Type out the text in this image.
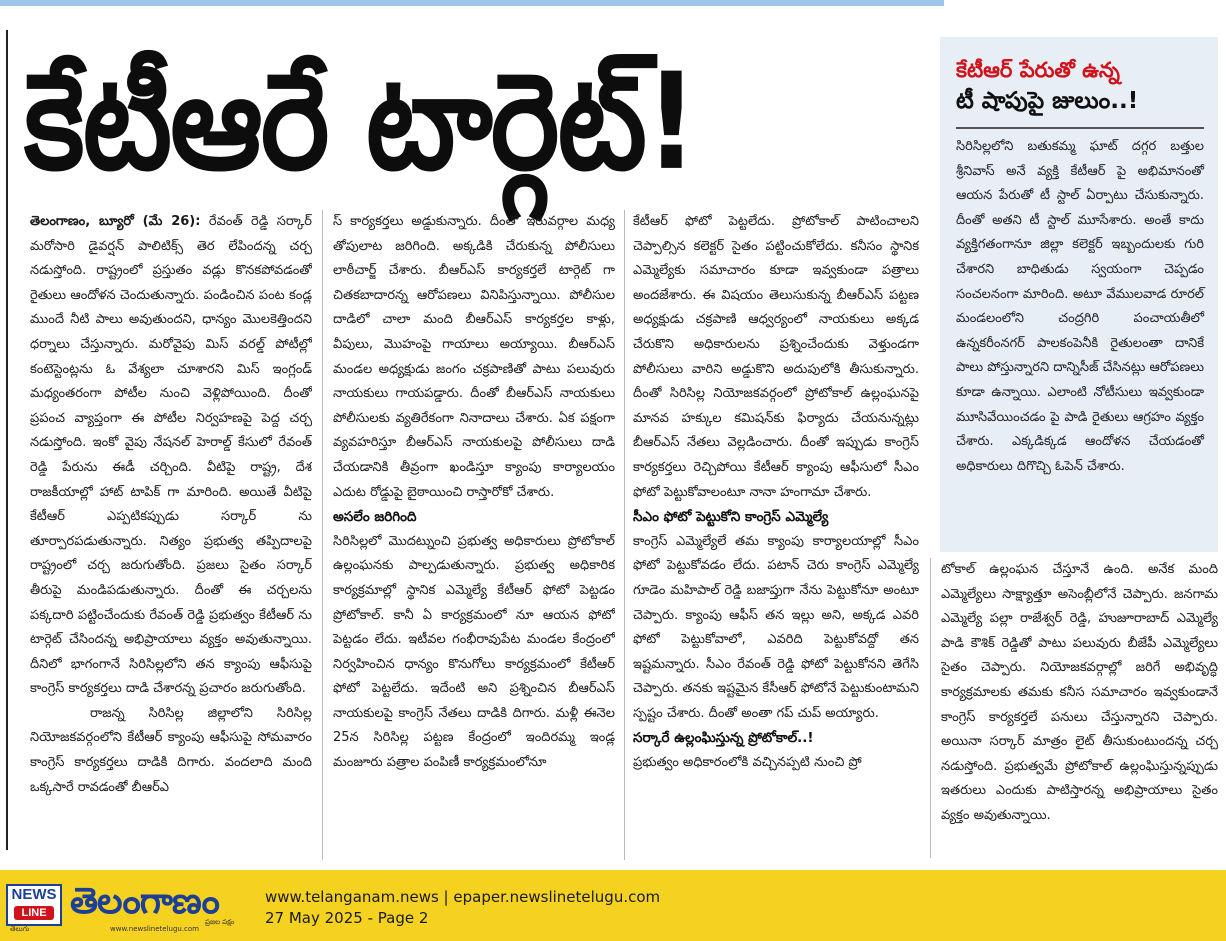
కేటీఆరే టార్గెట్‌!	కేటీఆర్ పేరుతో ఉన్న
టీ షాపుపై జులుం..!
సిరిసిల్లలోని బతుకమ్మ ఘాట్ దగ్గర బత్తుల శ్రీనివాస్ అనే వ్యక్తి కేటీఆర్ పై అభిమానంతో ఆయన పేరుతో టీ స్టాల్ ఏర్పాటు చేసుకున్నారు. దీంతో అతని టీ స్టాల్ మూసేశారు. అంతే కాదు వ్యక్తిగతంగానూ జిల్లా కలెక్టర్ ఇబ్బందులకు గురి చేశారని బాధితుడు స్వయంగా చెప్పడం సంచలనంగా మారింది. అటూ వేములవాడ రూరల్ మండలంలోని చంద్రగిరి పంచాయతీలో ఉన్నకరీంనగర్ పాలకంపెనీకి రైతులంతా దానికే పాలు పోస్తున్నారని దాన్నిసీజ్ చేసినట్లు ఆరోపణలు కూడా ఉన్నాయి. ఎలాంటి నోటీసులు ఇవ్వకుండా మూసివేయించడం పై పాడి రైతులు ఆగ్రహం వ్యక్తం చేశారు. ఎక్కడిక్కడ ఆందోళన చేయడంతో అధికారులు దిగొచ్చి ఓపెన్ చేశారు.
తెలంగాణం, బ్యూరో (మే 26): రేవంత్ రెడ్డి సర్కార్ మరోసారి డైవర్షన్ పాలిటిక్స్ తెర లేపిందన్న చర్చ నడుస్తోంది. రాష్ట్రంలో ప్రస్తుతం వడ్లు కొనకపోవడంతో రైతులు ఆందోళన చెందుతున్నారు. పండించిన పంట కండ్ల ముందే నీటి పాలు అవుతుందని, ధాన్యం మొలకెత్తిందని ధర్నాలు చేస్తున్నారు. మరోవైపు మిస్ వరల్డ్ పోటీల్లో కంటెస్టెంట్లను ఓ వేశ్యలా చూశారని మిస్ ఇంగ్లండ్ మధ్యంతరంగా పోటీల నుంచి వెళ్లిపోయింది. దీంతో ప్రపంచ వ్యాప్తంగా ఈ పోటీల నిర్వహణపై పెద్ద చర్చ నడుస్తోంది. ఇంకో వైపు నేషనల్ హెరాల్డ్ కేసులో రేవంత్ రెడ్డి పేరును ఈడీ చర్చింది. వీటిపై రాష్ట్ర, దేశ రాజకీయాల్లో హాట్ టాపిక్ గా మారింది. అయితే వీటిపై కేటీఆర్ ఎప్పటికప్పుడు సర్కార్ ను తూర్పారపడుతున్నారు. నిత్యం ప్రభుత్వ తప్పిదాలపై రాష్ట్రంలో చర్చ జరుగుతోంది. ప్రజలు సైతం సర్కార్ తీరుపై మండిపడుతున్నారు. దీంతో ఈ చర్చలను పక్కదారి పట్టించేందుకు రేవంత్ రెడ్డి ప్రభుత్వం కేటీఆర్ ను టార్గెట్ చేసిందన్న అభిప్రాయాలు వ్యక్తం అవుతున్నాయి. దీనిలో భాగంగానే సిరిసిల్లలోని తన క్యాంపు ఆఫీసుపై కాంగ్రెస్ కార్యకర్తలు దాడి చేశారన్న ప్రచారం జరుగుతోంది.
రాజన్న సిరిసిల్ల జిల్లాలోని సిరిసిల్ల నియోజకవర్గంలోని కేటీఆర్ క్యాంపు ఆఫీసుపై సోమవారం కాంగ్రెస్ కార్యకర్తలు దాడికి దిగారు. వందలాది మంది ఒక్కసారే రావడంతో బీఆర్ఎ
స్ కార్యకర్తలు అడ్డుకున్నారు. దీంతో ఇరువర్గాల మధ్య తోపులాట జరిగింది. అక్కడికి చేరుకున్న పోలీసులు లాఠీచార్జ్ చేశారు. బీఆర్ఎస్ కార్యకర్తలే టార్గెట్ గా చితకబాదారన్న ఆరోపణలు వినిపిస్తున్నాయి. పోలీసుల దాడిలో చాలా మంది బీఆర్ఎస్ కార్యకర్తల కాళ్లు, వీపులు, మొహంపై గాయాలు అయ్యాయి. బీఆర్ఎస్ మండల అధ్యక్షుడు జంగం చక్రపాణితో పాటు పలువురు నాయకులు గాయపడ్డారు. దీంతో బీఆర్ఎస్ నాయకులు పోలీసులకు వ్యతిరేకంగా నినాదాలు చేశారు. ఏక పక్షంగా వ్యవహరిస్తూ బీఆర్ఎస్ నాయకులపై పోలీసులు దాడి చేయడానికి తీవ్రంగా ఖండిస్తూ క్యాంపు కార్యాలయం ఎదుట రోడ్డుపై బైఠాయించి రాస్తారోకో చేశారు.
అసలేం జరిగింది
సిరిసిల్లలో మొదట్నుంచి ప్రభుత్వ అధికారులు ప్రోటోకాల్ ఉల్లంఘనకు పాల్పడుతున్నారు. ప్రభుత్వ అధికారిక కార్యక్రమాల్లో స్థానిక ఎమ్మెల్యే కేటీఆర్ ఫోటో పెట్టడం ప్రోటోకాల్. కానీ ఏ కార్యక్రమంలో నూ ఆయన ఫోటో పెట్టడం లేదు. ఇటీవల గంభీరావుపేట మండల కేంద్రంలో నిర్వహించిన ధాన్యం కొనుగోలు కార్యక్రమంలో కేటీఆర్ ఫోటో పెట్టలేదు. ఇదేంటి అని ప్రశ్నించిన బీఆర్ఎస్ నాయకులపై కాంగ్రెస్ నేతలు దాడికి దిగారు. మళ్లీ ఈనెల 25న సిరిసిల్ల పట్టణ కేంద్రంలో ఇందిరమ్మ ఇండ్ల మంజూరు పత్రాల పంపిణీ కార్యక్రమంలోనూ
కేటీఆర్ ఫోటో పెట్టలేదు. ప్రోటోకాల్ పాటించాలని చెప్పాల్సిన కలెక్టర్ సైతం పట్టించుకోలేదు. కనీసం స్థానిక ఎమ్మెల్యేకు సమాచారం కూడా ఇవ్వకుండా పత్రాలు అందజేశారు. ఈ విషయం తెలుసుకున్న బీఆర్ఎస్ పట్టణ అధ్యక్షుడు చక్రపాణి ఆధ్వర్యంలో నాయకులు అక్కడ చేరుకొని అధికారులను ప్రశ్నించేందుకు వెళ్తుండగా పోలీసులు వారిని అడ్డుకొని అదుపులోకి తీసుకున్నారు. దీంతో సిరిసిల్ల నియోజకవర్గంలో ప్రోటోకాల్ ఉల్లంఘనపై మానవ హక్కుల కమిషన్‌కు ఫిర్యాదు చేయనున్నట్లు బీఆర్ఎస్ నేతలు వెల్లడించారు. దీంతో ఇప్పుడు కాంగ్రెస్ కార్యకర్తలు రెచ్చిపోయి కేటీఆర్ క్యాంపు ఆఫీసులో సీఎం ఫోటో పెట్టుకోవాలంటూ నానా హంగామా చేశారు.
సీఎం ఫోటో పెట్టుకోని కాంగ్రెస్ ఎమ్మెల్యే
కాంగ్రెస్ ఎమ్మెల్యేలే తమ క్యాంపు కార్యాలయాల్లో సీఎం ఫోటో పెట్టుకోవడం లేదు. పటాన్ చెరు కాంగ్రెస్ ఎమ్మెల్యే గూడెం మహిపాల్ రెడ్డి బజాప్తుగా నేను పెట్టుకోనూ అంటూ చెప్పారు. క్యాంపు ఆఫీస్ తన ఇల్లు అని, అక్కడ ఎవరి ఫోటో పెట్టుకోవాలో, ఎవరిది పెట్టుకోవద్దో తన ఇష్టమన్నారు. సీఎం రేవంత్ రెడ్డి ఫోటో పెట్టుకోనని తెగేసి చెప్పారు. తనకు ఇష్టమైన కేసీఆర్ ఫోటోనే పెట్టుకుంటామని స్పష్టం చేశారు. దీంతో అంతా గప్ చుప్ అయ్యారు.
సర్కారే ఉల్లంఘిస్తున్న ప్రోటోకాల్..!
ప్రభుత్వం అధికారంలోకి వచ్చినప్పటి నుంచి ప్రో
టోకాల్ ఉల్లంఘన చేస్తూనే ఉంది. అనేక మంది ఎమ్మెల్యేలు సాక్ష్యాత్తూ అసెంబ్లీలోనే చెప్పారు. జనగామ ఎమ్మెల్యే పల్లా రాజేశ్వర్ రెడ్డి, హుజూరాబాద్ ఎమ్మెల్యే పాడి కౌశిక్ రెడ్డితో పాటు పలువురు బీజేపీ ఎమ్మెల్యేలు సైతం చెప్పారు. నియోజకవర్గాల్లో జరిగే అభివృద్ధి కార్యక్రమాలకు తమకు కనీస సమాచారం ఇవ్వకుండానే కాంగ్రెస్ కార్యకర్తలే పనులు చేస్తున్నారని చెప్పారు. అయినా సర్కార్ మాత్రం లైట్ తీసుకుంటుందన్న చర్చ నడుస్తోంది. ప్రభుత్వమే ప్రోటోకాల్ ఉల్లంఘిస్తున్నప్పుడు ఇతరులు ఎందుకు పాటిస్తారన్న అభిప్రాయాలు సైతం వ్యక్తం అవుతున్నాయి.
NEWS
LINE
తెలుగు
తెలంగాణం
www.newslinetelugu.com
ప్రజల పక్షం
www.telanganam.news | epaper.newslinetelugu.com
27 May 2025 - Page 2
